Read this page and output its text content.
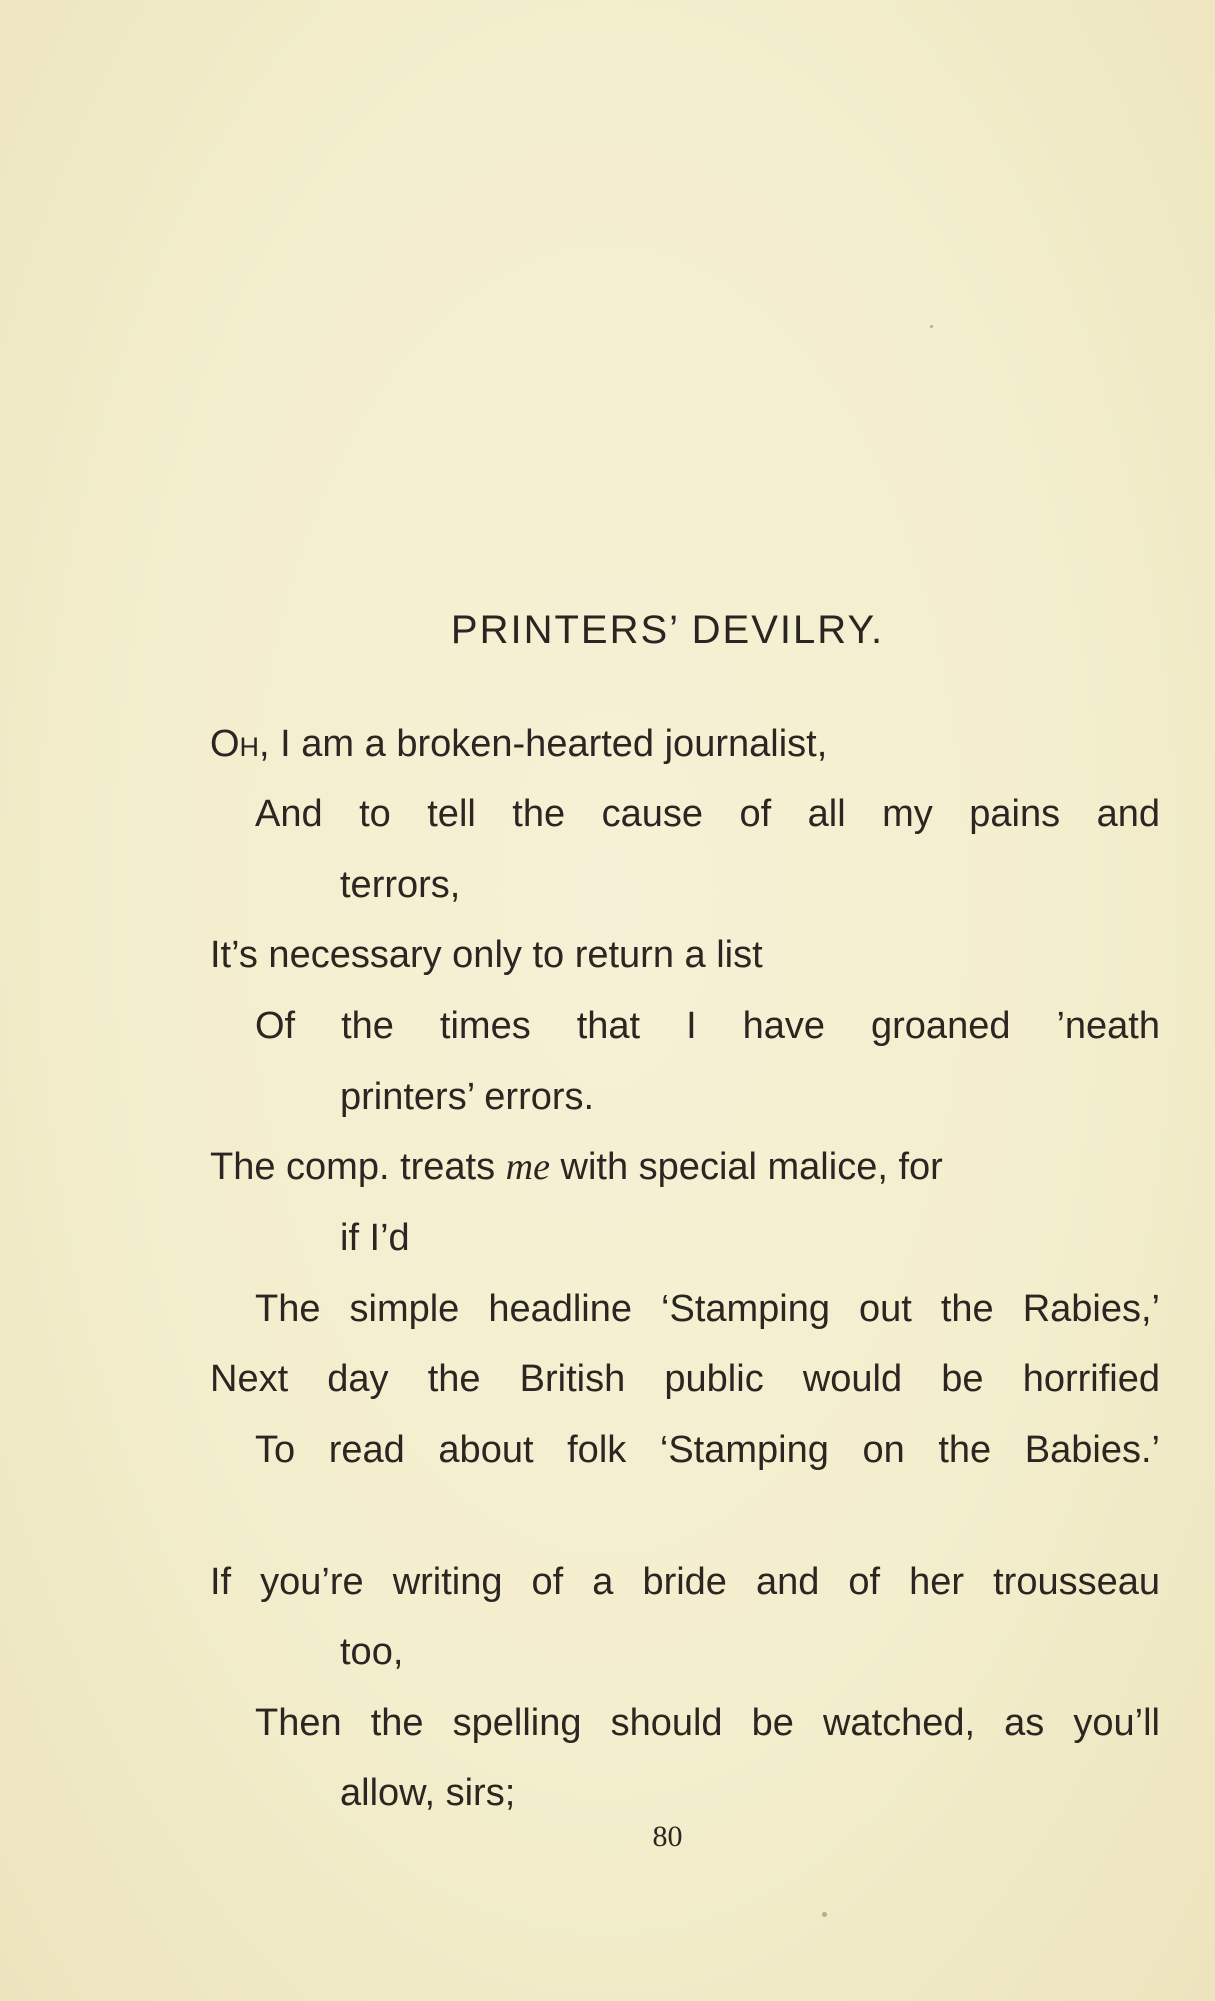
PRINTERS’ DEVILRY.
Oh, I am a broken-hearted journalist,
And to tell the cause of all my pains and
terrors,
It’s necessary only to return a list
Of the times that I have groaned ’neath
printers’ errors.
The comp. treats me with special malice, for
if I’d
The simple headline ‘Stamping out the Rabies,’
Next day the British public would be horrified
To read about folk ‘Stamping on the Babies.’
If you’re writing of a bride and of her trousseau
too,
Then the spelling should be watched, as you’ll
allow, sirs;
80
